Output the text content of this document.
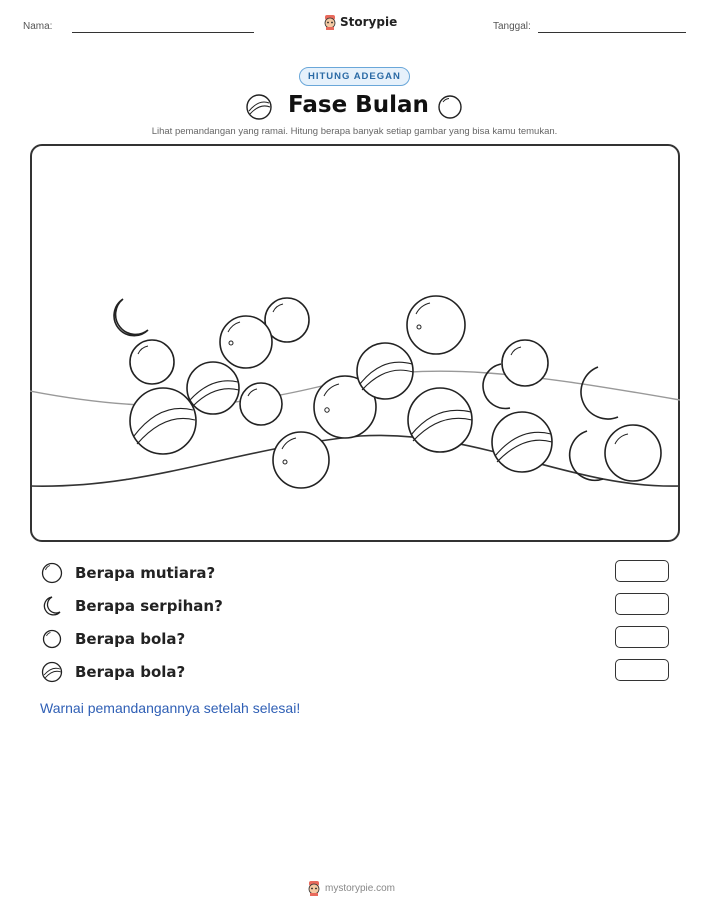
Nama:	Storypie	Tanggal:
HITUNG ADEGAN
Fase Bulan
Lihat pemandangan yang ramai. Hitung berapa banyak setiap gambar yang bisa kamu temukan.
Berapa mutiara?
Berapa serpihan?
Berapa bola?
Berapa bola?
Warnai pemandangannya setelah selesai!
mystorypie.com
